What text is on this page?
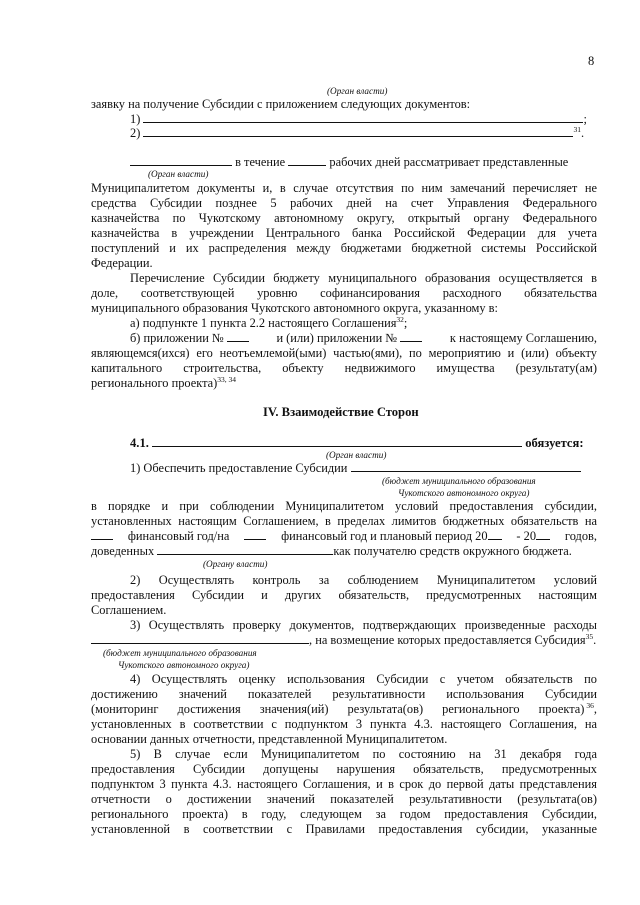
8
(Орган власти)
заявку на получение Субсидии с приложением следующих документов:
1)	;
2)	$^{31}$.
в течение	рабочих дней рассматривает представленные
(Орган власти)
Муниципалитетом документы и, в случае отсутствия по ним замечаний перечисляет не
средства Субсидии позднее 5 рабочих дней на счет Управления Федерального
казначейства по Чукотскому автономному округу, открытый органу Федерального
казначейства в учреждении Центрального банка Российской Федерации для учета
поступлений и их распределения между бюджетами бюджетной системы Российской
Федерации.
Перечисление Субсидии бюджету муниципального образования осуществляется в
доле, соответствующей уровню софинансирования расходного обязательства
муниципального образования Чукотского автономного округа, указанному в:
а) подпункте 1 пункта 2.2 настоящего Соглашения$^{32}$;
б) приложении №	и (или) приложении №	к настоящему Соглашению,
являющемся(ихся) его неотъемлемой(ыми) частью(ями), по мероприятию и (или) объекту
капитального строительства, объекту недвижимого имущества (результату(ам)
регионального проекта)$^{33, 34}$
IV. Взаимодействие Сторон
4.1.	обязуется:
(Орган власти)
1) Обеспечить предоставление Субсидии
(бюджет муниципального образования
Чукотского автономного округа)
в порядке и при соблюдении Муниципалитетом условий предоставления субсидии,
установленных настоящим Соглашением, в пределах лимитов бюджетных обязательств на
финансовый год/на	финансовый год и плановый период 20	- 20	годов,
доведенных	как получателю средств окружного бюджета.
(Органу власти)
2) Осуществлять контроль за соблюдением Муниципалитетом условий
предоставления Субсидии и других обязательств, предусмотренных настоящим
Соглашением.
3) Осуществлять проверку документов, подтверждающих произведенные расходы
, на возмещение которых предоставляется Субсидия$^{35}$.
(бюджет муниципального образования
Чукотского автономного округа)
4) Осуществлять оценку использования Субсидии с учетом обязательств по
достижению значений показателей результативности использования Субсидии
(мониторинг достижения значения(ий) результата(ов) регионального проекта) $^{36}$,
установленных в соответствии с подпунктом 3 пункта 4.3. настоящего Соглашения, на
основании данных отчетности, представленной Муниципалитетом.
5) В случае если Муниципалитетом по состоянию на 31 декабря года
предоставления Субсидии допущены нарушения обязательств, предусмотренных
подпунктом 3 пункта 4.3. настоящего Соглашения, и в срок до первой даты представления
отчетности о достижении значений показателей результативности (результата(ов)
регионального проекта) в году, следующем за годом предоставления Субсидии,
установленной в соответствии с Правилами предоставления субсидии, указанные
